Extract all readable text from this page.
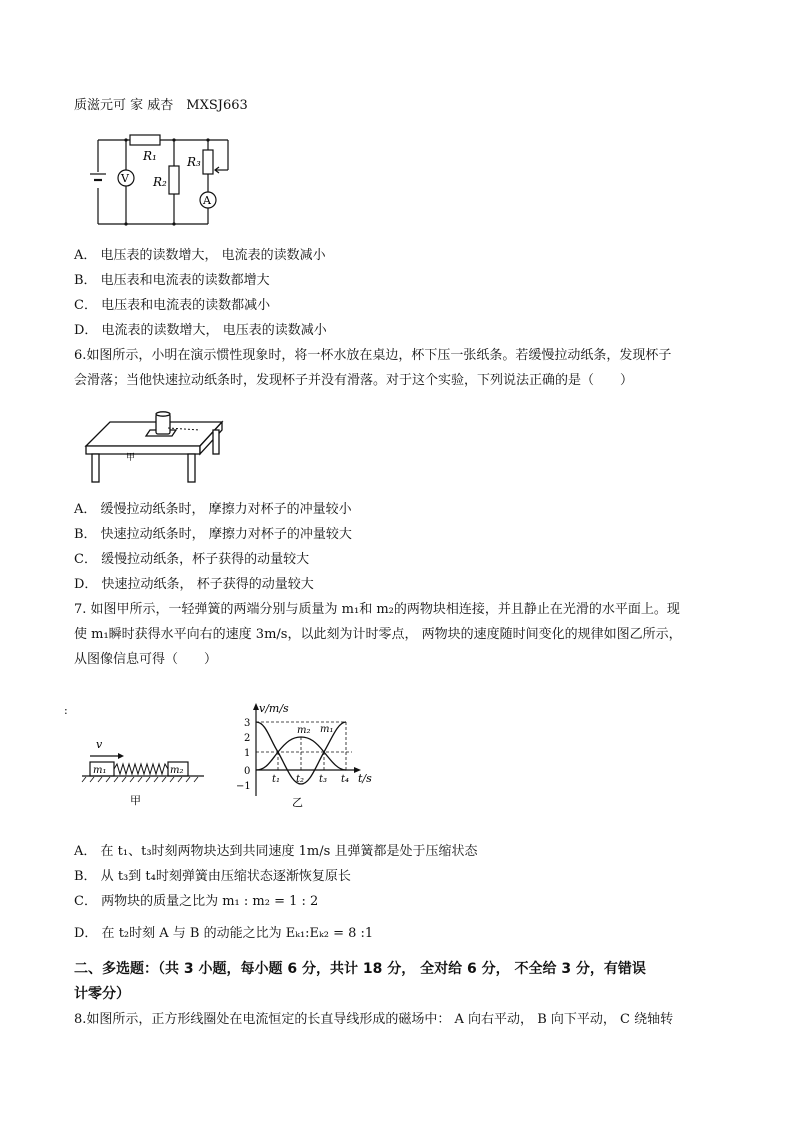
质滋元可 家 威杏　MXSJ663
R₁
R₂
R₃
V
A
A． 电压表的读数增大， 电流表的读数减小
B． 电压表和电流表的读数都增大
C． 电压表和电流表的读数都减小
D． 电流表的读数增大， 电压表的读数减小
6.如图所示，小明在演示惯性现象时，将一杯水放在桌边，杯下压一张纸条。若缓慢拉动纸条，发现杯子
会滑落；当他快速拉动纸条时，发现杯子并没有滑落。对于这个实验，下列说法正确的是（　　）
甲
A． 缓慢拉动纸条时， 摩擦力对杯子的冲量较小
B． 快速拉动纸条时， 摩擦力对杯子的冲量较大
C． 缓慢拉动纸条，杯子获得的动量较大
D． 快速拉动纸条， 杯子获得的动量较大
7. 如图甲所示，一轻弹簧的两端分别与质量为 m₁和 m₂的两物块相连接，并且静止在光滑的水平面上。现
使 m₁瞬时获得水平向右的速度 3m/s，以此刻为计时零点， 两物块的速度随时间变化的规律如图乙所示，
从图像信息可得（　　）
:
v
m₁	m₂
甲
v/m/s
t/s
3
2
1
0
−1
m₂ m₁
t₁ t₂ t₃ t₄
乙
A． 在 t₁、t₃时刻两物块达到共同速度 1m/s 且弹簧都是处于压缩状态
B． 从 t₃到 t₄时刻弹簧由压缩状态逐渐恢复原长
C． 两物块的质量之比为 m₁ : m₂ = 1 : 2
D． 在 t₂时刻 A 与 B 的动能之比为 Eₖ₁:Eₖ₂ = 8 :1
二、多选题：（共 3 小题，每小题 6 分，共计 18 分， 全对给 6 分， 不全给 3 分，有错误
计零分）
8.如图所示，正方形线圈处在电流恒定的长直导线形成的磁场中： A 向右平动， B 向下平动， C 绕轴转
